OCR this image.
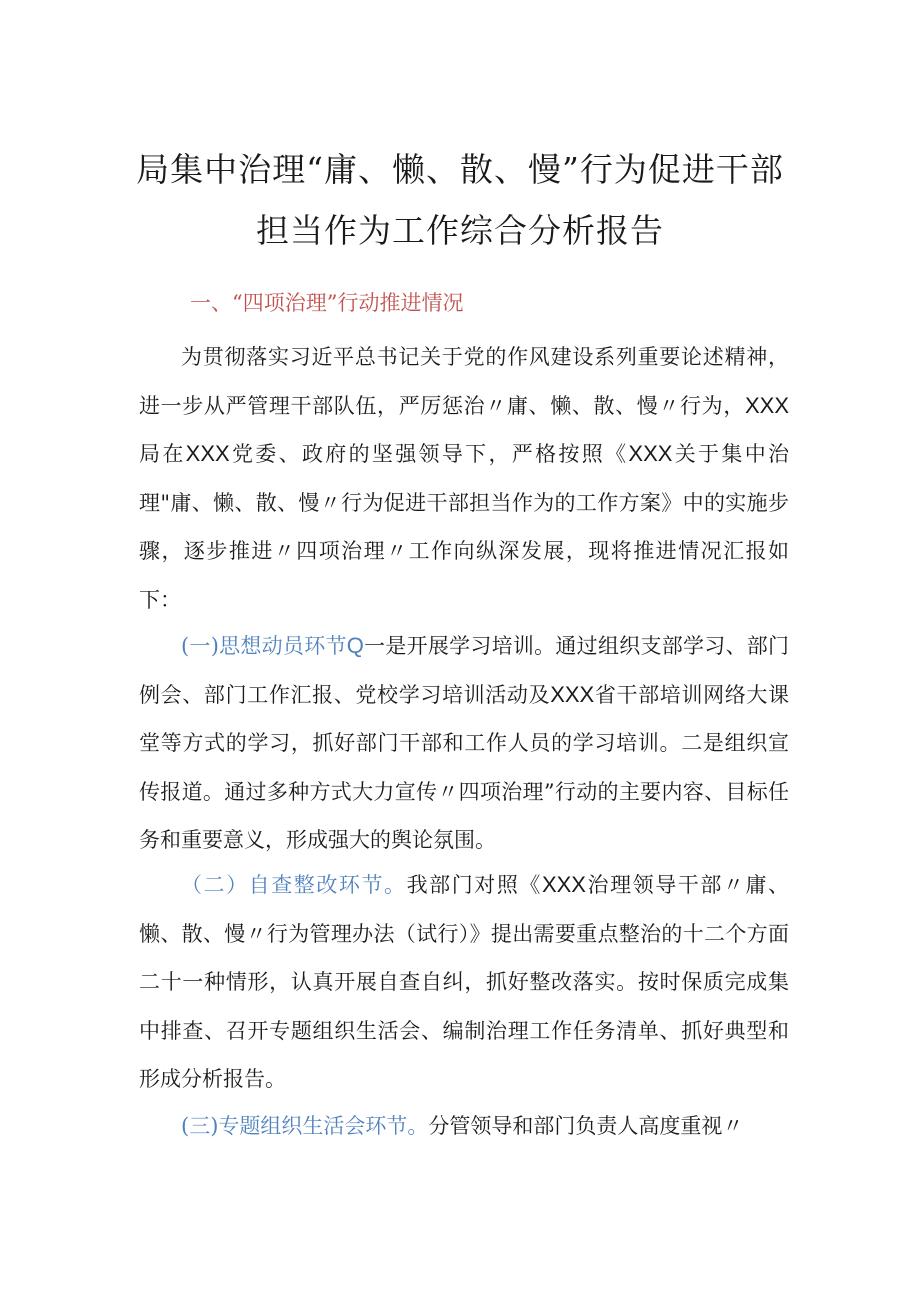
局集中治理“庸、懒、散、慢”行为促进干部
担当作为工作综合分析报告
一、“四项治理”行动推进情况

为贯彻落实习近平总书记关于党的作风建设系列重要论述精神，进一步从严管理干部队伍，严厉惩治〃庸、懒、散、慢〃行为，XXX局在XXX党委、政府的坚强领导下，严格按照《XXX关于集中治理"庸、懒、散、慢〃行为促进干部担当作为的工作方案》中的实施步骤，逐步推进〃四项治理〃工作向纵深发展，现将推进情况汇报如下：

(一)思想动员环节Q一是开展学习培训。通过组织支部学习、部门例会、部门工作汇报、党校学习培训活动及XXX省干部培训网络大课堂等方式的学习，抓好部门干部和工作人员的学习培训。二是组织宣传报道。通过多种方式大力宣传〃四项治理”行动的主要内容、目标任务和重要意义，形成强大的舆论氛围。

（二）自查整改环节。我部门对照《XXX治理领导干部〃庸、懒、散、慢〃行为管理办法（试行）》提出需要重点整治的十二个方面二十一种情形，认真开展自查自纠，抓好整改落实。按时保质完成集中排查、召开专题组织生活会、编制治理工作任务清单、抓好典型和形成分析报告。

(三)专题组织生活会环节。分管领导和部门负责人高度重视〃
